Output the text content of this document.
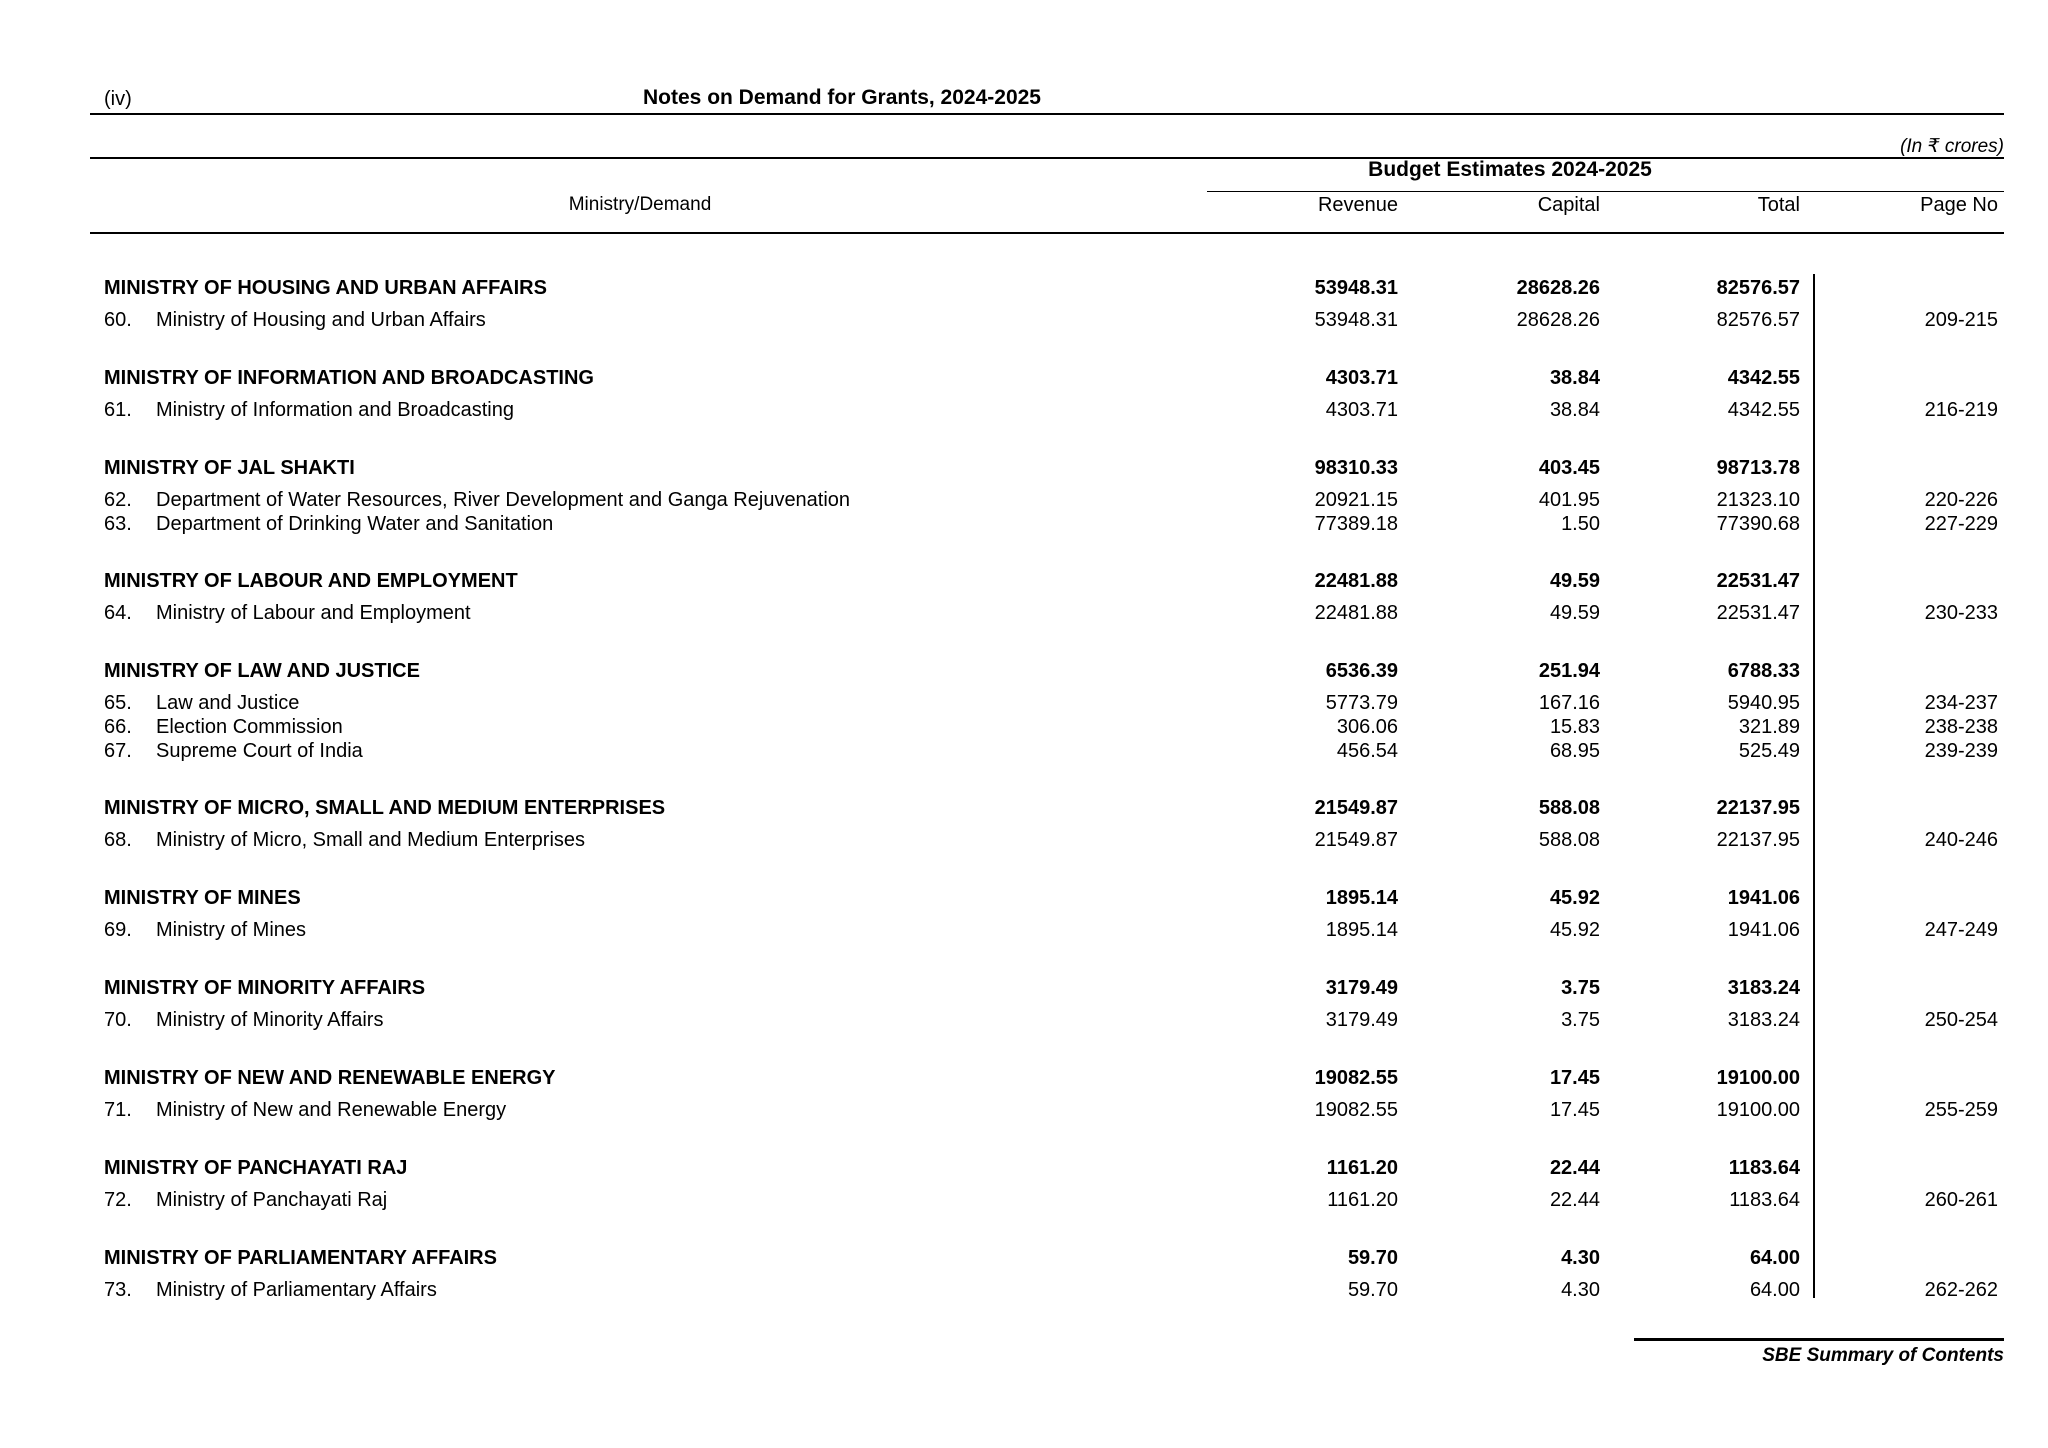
(iv)	Notes on Demand for Grants, 2024-2025
(In ₹ crores)
Budget Estimates 2024-2025
Ministry/Demand	Revenue	Capital	Total	Page No
MINISTRY OF HOUSING AND URBAN AFFAIRS	53948.31	28628.26	82576.57
60. Ministry of Housing and Urban Affairs	53948.31	28628.26	82576.57	209-215
MINISTRY OF INFORMATION AND BROADCASTING	4303.71	38.84	4342.55
61. Ministry of Information and Broadcasting	4303.71	38.84	4342.55	216-219
MINISTRY OF JAL SHAKTI	98310.33	403.45	98713.78
62. Department of Water Resources, River Development and Ganga Rejuvenation	20921.15	401.95	21323.10	220-226
63. Department of Drinking Water and Sanitation	77389.18	1.50	77390.68	227-229
MINISTRY OF LABOUR AND EMPLOYMENT	22481.88	49.59	22531.47
64. Ministry of Labour and Employment	22481.88	49.59	22531.47	230-233
MINISTRY OF LAW AND JUSTICE	6536.39	251.94	6788.33
65. Law and Justice	5773.79	167.16	5940.95	234-237
66. Election Commission	306.06	15.83	321.89	238-238
67. Supreme Court of India	456.54	68.95	525.49	239-239
MINISTRY OF MICRO, SMALL AND MEDIUM ENTERPRISES	21549.87	588.08	22137.95
68. Ministry of Micro, Small and Medium Enterprises	21549.87	588.08	22137.95	240-246
MINISTRY OF MINES	1895.14	45.92	1941.06
69. Ministry of Mines	1895.14	45.92	1941.06	247-249
MINISTRY OF MINORITY AFFAIRS	3179.49	3.75	3183.24
70. Ministry of Minority Affairs	3179.49	3.75	3183.24	250-254
MINISTRY OF NEW AND RENEWABLE ENERGY	19082.55	17.45	19100.00
71. Ministry of New and Renewable Energy	19082.55	17.45	19100.00	255-259
MINISTRY OF PANCHAYATI RAJ	1161.20	22.44	1183.64
72. Ministry of Panchayati Raj	1161.20	22.44	1183.64	260-261
MINISTRY OF PARLIAMENTARY AFFAIRS	59.70	4.30	64.00
73. Ministry of Parliamentary Affairs	59.70	4.30	64.00	262-262
SBE Summary of Contents
